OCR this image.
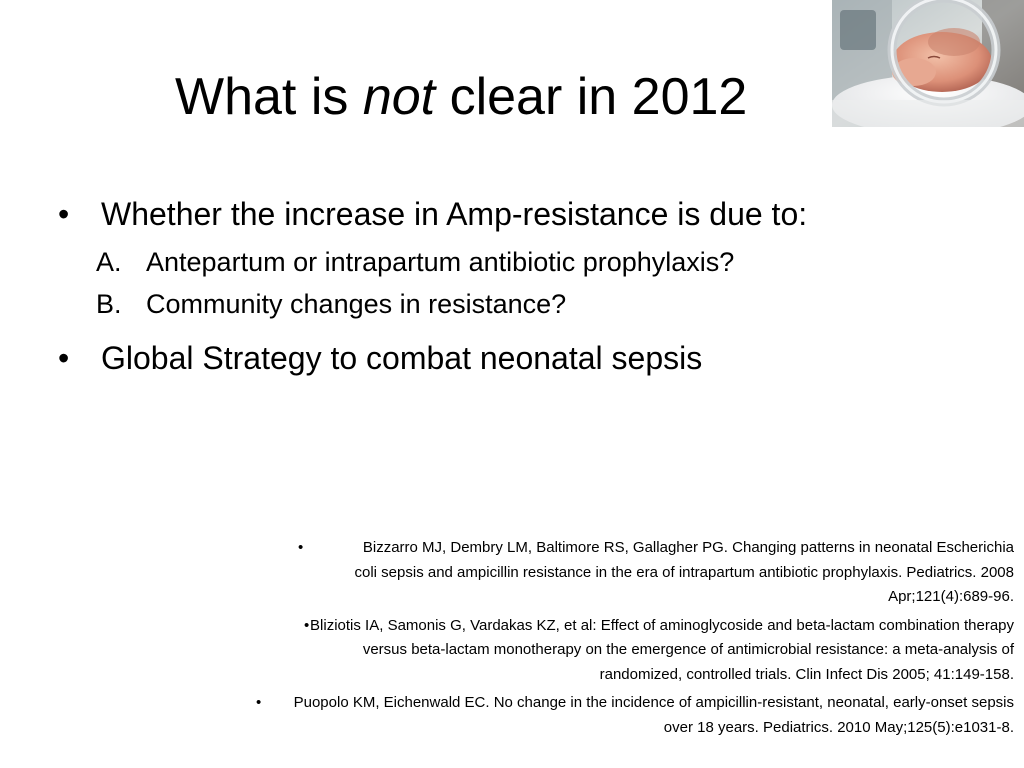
What is not clear in 2012
• Whether the increase in Amp-resistance is due to:
A. Antepartum or intrapartum antibiotic prophylaxis?
B. Community changes in resistance?
• Global Strategy to combat neonatal sepsis
•	Bizzarro MJ, Dembry LM, Baltimore RS, Gallagher PG. Changing patterns in neonatal Escherichia coli sepsis and ampicillin resistance in the era of intrapartum antibiotic prophylaxis. Pediatrics. 2008 Apr;121(4):689-96.
• Bliziotis IA, Samonis G, Vardakas KZ, et al: Effect of aminoglycoside and beta-lactam combination therapy versus beta-lactam monotherapy on the emergence of antimicrobial resistance: a meta-analysis of randomized, controlled trials. Clin Infect Dis 2005; 41:149-158.
• Puopolo KM, Eichenwald EC. No change in the incidence of ampicillin-resistant, neonatal, early-onset sepsis over 18 years. Pediatrics. 2010 May;125(5):e1031-8.
